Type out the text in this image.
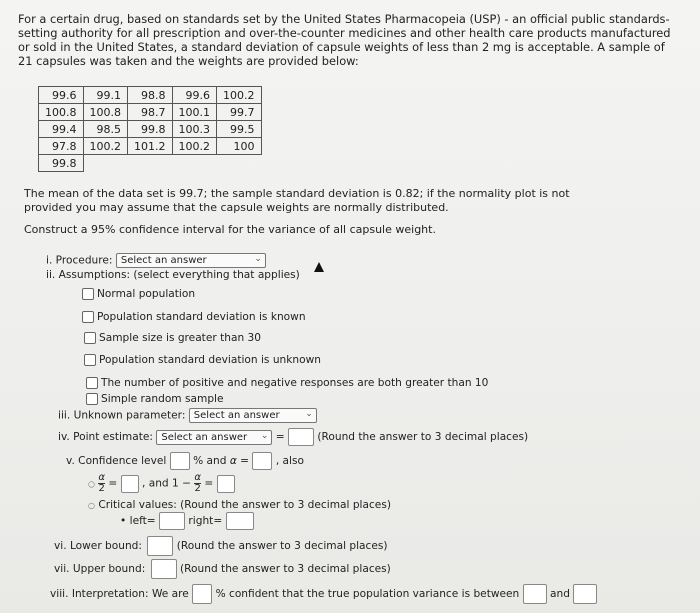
For a certain drug, based on standards set by the United States Pharmacopeia (USP) - an official public standards-setting authority for all prescription and over-the-counter medicines and other health care products manufactured or sold in the United States, a standard deviation of capsule weights of less than 2 mg is acceptable. A sample of 21 capsules was taken and the weights are provided below:
99.6	99.1	98.8	99.6	100.2
100.8	100.8	98.7	100.1	99.7
99.4	98.5	99.8	100.3	99.5
97.8	100.2	101.2	100.2	100
99.8				
The mean of the data set is 99.7; the sample standard deviation is 0.82; if the normality plot is not provided you may assume that the capsule weights are normally distributed.
Construct a 95% confidence interval for the variance of all capsule weight.
i. Procedure: Select an answer	⌄
ii. Assumptions: (select everything that applies)
Normal population
Population standard deviation is known
Sample size is greater than 30
Population standard deviation is unknown
The number of positive and negative responses are both greater than 10
Simple random sample
iii. Unknown parameter: Select an answer	⌄
iv. Point estimate: Select an answer ⌄ =	(Round the answer to 3 decimal places)
v. Confidence level	% and α =	, also
○ $\frac{\alpha}{2}$ = , and $1 - \frac{\alpha}{2}$ =
○ Critical values: (Round the answer to 3 decimal places)
• left=	right=
vi. Lower bound:	(Round the answer to 3 decimal places)
vii. Upper bound:	(Round the answer to 3 decimal places)
viii. Interpretation: We are	% confident that the true population variance is between	and
